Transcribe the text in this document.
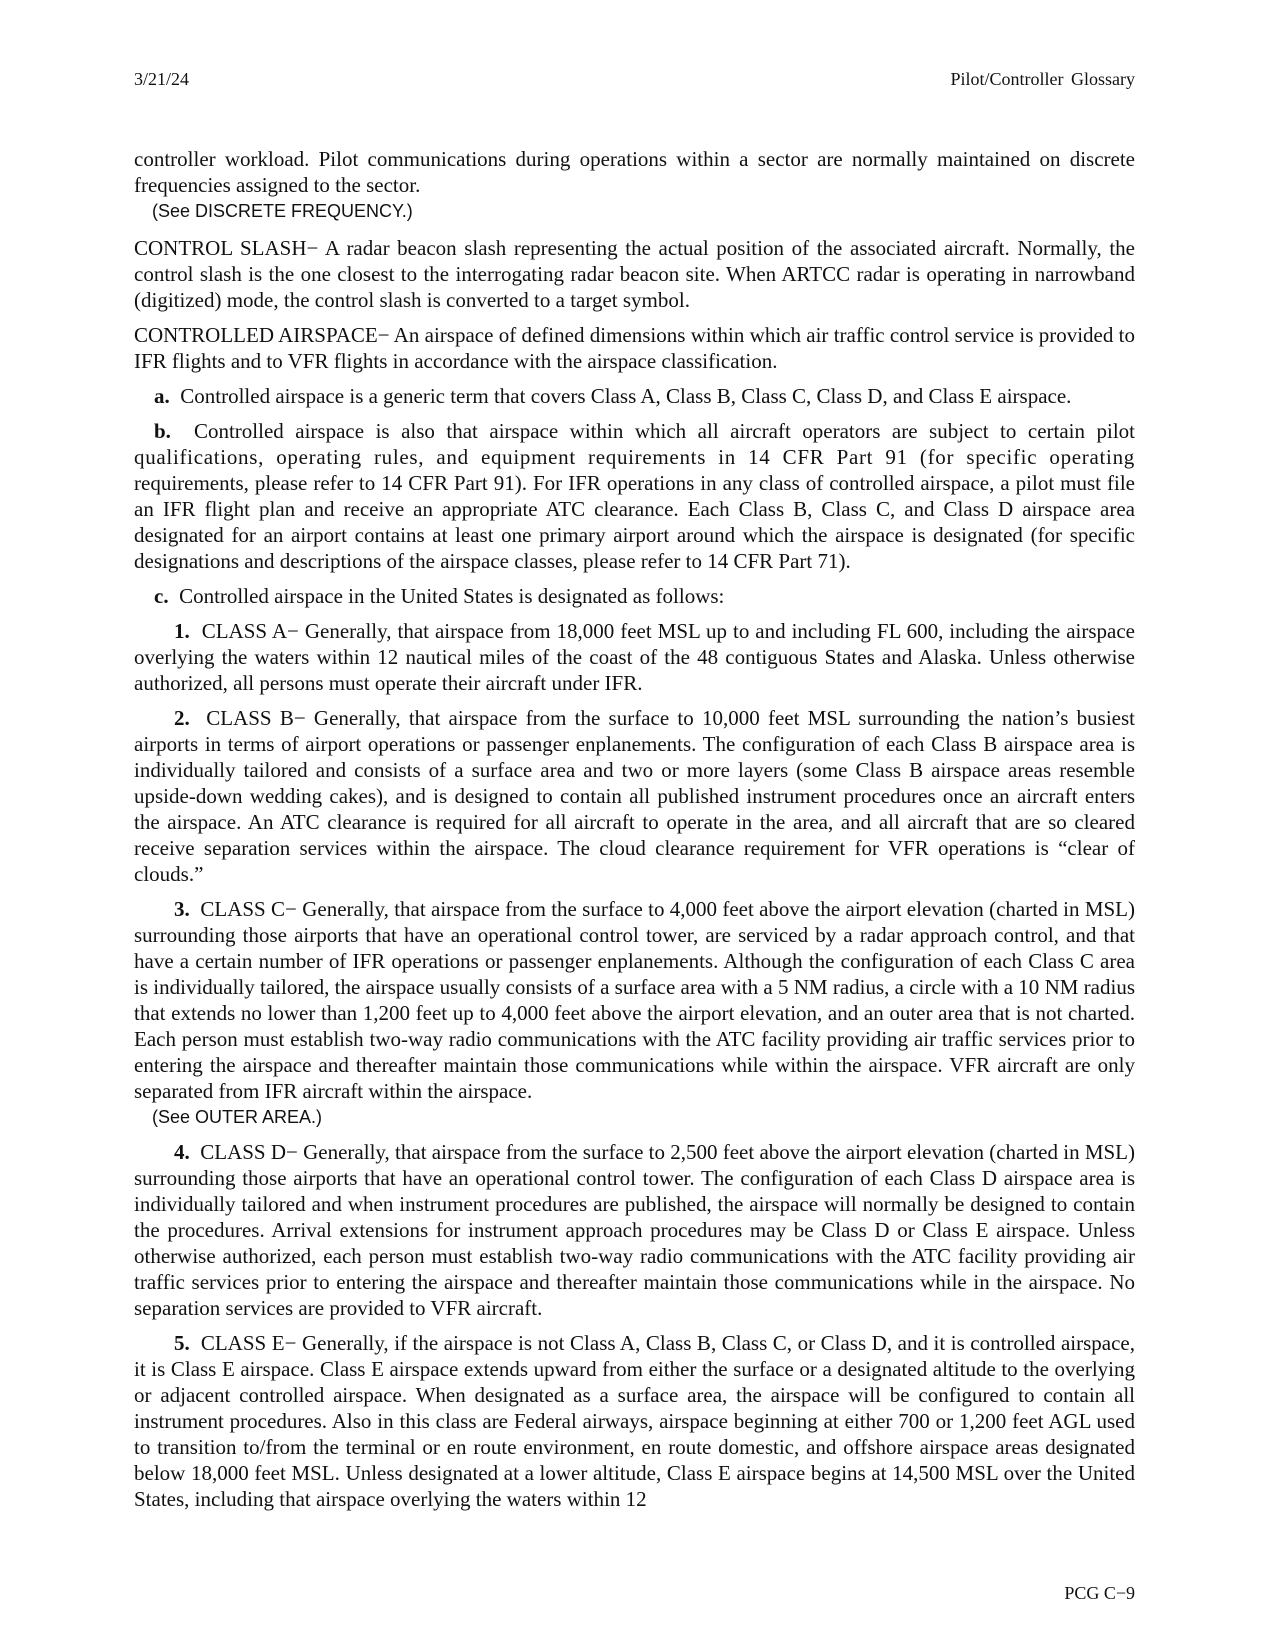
3/21/24	Pilot/Controller Glossary

controller workload. Pilot communications during operations within a sector are normally maintained on discrete frequencies assigned to the sector.

(See DISCRETE FREQUENCY.)

CONTROL SLASH− A radar beacon slash representing the actual position of the associated aircraft. Normally, the control slash is the one closest to the interrogating radar beacon site. When ARTCC radar is operating in narrowband (digitized) mode, the control slash is converted to a target symbol.

CONTROLLED AIRSPACE− An airspace of defined dimensions within which air traffic control service is provided to IFR flights and to VFR flights in accordance with the airspace classification.

a. Controlled airspace is a generic term that covers Class A, Class B, Class C, Class D, and Class E airspace.

b. Controlled airspace is also that airspace within which all aircraft operators are subject to certain pilot qualifications, operating rules, and equipment requirements in 14 CFR Part 91 (for specific operating requirements, please refer to 14 CFR Part 91). For IFR operations in any class of controlled airspace, a pilot must file an IFR flight plan and receive an appropriate ATC clearance. Each Class B, Class C, and Class D airspace area designated for an airport contains at least one primary airport around which the airspace is designated (for specific designations and descriptions of the airspace classes, please refer to 14 CFR Part 71).

c. Controlled airspace in the United States is designated as follows:

1. CLASS A− Generally, that airspace from 18,000 feet MSL up to and including FL 600, including the airspace overlying the waters within 12 nautical miles of the coast of the 48 contiguous States and Alaska. Unless otherwise authorized, all persons must operate their aircraft under IFR.

2. CLASS B− Generally, that airspace from the surface to 10,000 feet MSL surrounding the nation’s busiest airports in terms of airport operations or passenger enplanements. The configuration of each Class B airspace area is individually tailored and consists of a surface area and two or more layers (some Class B airspace areas resemble upside-down wedding cakes), and is designed to contain all published instrument procedures once an aircraft enters the airspace. An ATC clearance is required for all aircraft to operate in the area, and all aircraft that are so cleared receive separation services within the airspace. The cloud clearance requirement for VFR operations is “clear of clouds.”

3. CLASS C− Generally, that airspace from the surface to 4,000 feet above the airport elevation (charted in MSL) surrounding those airports that have an operational control tower, are serviced by a radar approach control, and that have a certain number of IFR operations or passenger enplanements. Although the configuration of each Class C area is individually tailored, the airspace usually consists of a surface area with a 5 NM radius, a circle with a 10 NM radius that extends no lower than 1,200 feet up to 4,000 feet above the airport elevation, and an outer area that is not charted. Each person must establish two-way radio communications with the ATC facility providing air traffic services prior to entering the airspace and thereafter maintain those communications while within the airspace. VFR aircraft are only separated from IFR aircraft within the airspace.

(See OUTER AREA.)

4. CLASS D− Generally, that airspace from the surface to 2,500 feet above the airport elevation (charted in MSL) surrounding those airports that have an operational control tower. The configuration of each Class D airspace area is individually tailored and when instrument procedures are published, the airspace will normally be designed to contain the procedures. Arrival extensions for instrument approach procedures may be Class D or Class E airspace. Unless otherwise authorized, each person must establish two-way radio communications with the ATC facility providing air traffic services prior to entering the airspace and thereafter maintain those communications while in the airspace. No separation services are provided to VFR aircraft.

5. CLASS E− Generally, if the airspace is not Class A, Class B, Class C, or Class D, and it is controlled airspace, it is Class E airspace. Class E airspace extends upward from either the surface or a designated altitude to the overlying or adjacent controlled airspace. When designated as a surface area, the airspace will be configured to contain all instrument procedures. Also in this class are Federal airways, airspace beginning at either 700 or 1,200 feet AGL used to transition to/from the terminal or en route environment, en route domestic, and offshore airspace areas designated below 18,000 feet MSL. Unless designated at a lower altitude, Class E airspace begins at 14,500 MSL over the United States, including that airspace overlying the waters within 12

PCG C−9
